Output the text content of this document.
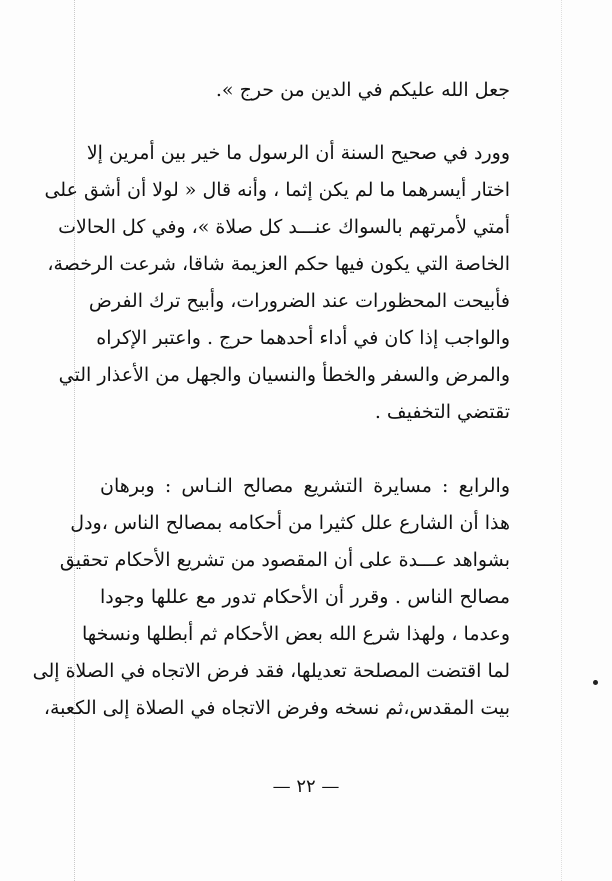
جعل الله عليكم في الدين من حرج ».
وورد في صحيح السنة أن الرسول ما خير بين أمرين إلا
اختار أيسرهما ما لم يكن إثما ، وأنه قال « لولا أن أشق على
أمتي لأمرتهم بالسواك عنـــد كل صلاة »، وفي كل الحالات
الخاصة التي يكون فيها حكم العزيمة شاقا، شرعت الرخصة،
فأبيحت المحظورات عند الضرورات، وأبيح ترك الفرض
والواجب إذا كان في أداء أحدهما حرج . واعتبر الإكراه
والمرض والسفر والخطأ والنسيان والجهل من الأعذار التي
تقتضي التخفيف .
والرابع : مسايرة التشريع مصالح النـاس : وبرهان
هذا أن الشارع علل كثيرا من أحكامه بمصالح الناس ،ودل
بشواهد عـــدة على أن المقصود من تشريع الأحكام تحقيق
مصالح الناس . وقرر أن الأحكام تدور مع عللها وجودا
وعدما ، ولهذا شرع الله بعض الأحكام ثم أبطلها ونسخها
لما اقتضت المصلحة تعديلها، فقد فرض الاتجاه في الصلاة إلى
بيت المقدس،ثم نسخه وفرض الاتجاه في الصلاة إلى الكعبة،
— ٢٢ —
